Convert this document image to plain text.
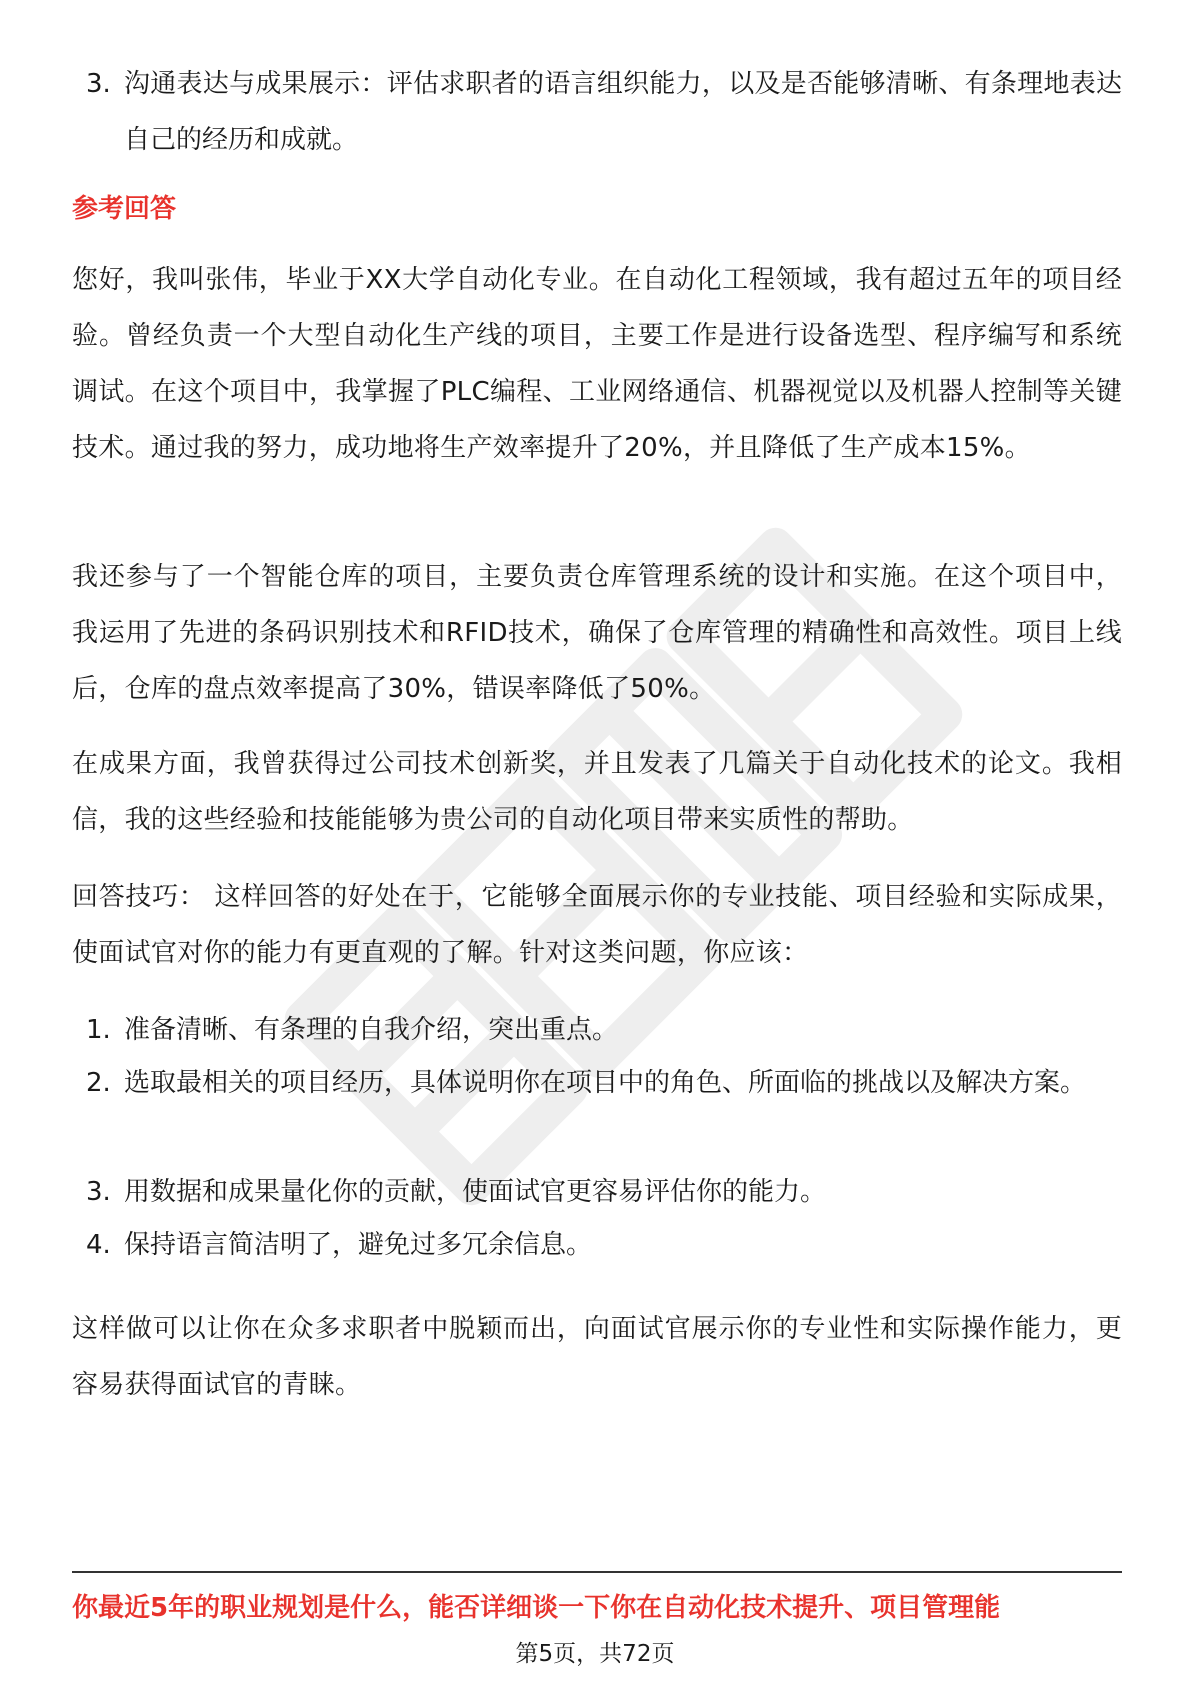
3. 沟通表达与成果展示：评估求职者的语言组织能力，以及是否能够清晰、有条理地表达自己的经历和成就。
参考回答
您好，我叫张伟，毕业于XX大学自动化专业。在自动化工程领域，我有超过五年的项目经验。曾经负责一个大型自动化生产线的项目，主要工作是进行设备选型、程序编写和系统调试。在这个项目中，我掌握了PLC编程、工业网络通信、机器视觉以及机器人控制等关键技术。通过我的努力，成功地将生产效率提升了20%，并且降低了生产成本15%。
我还参与了一个智能仓库的项目，主要负责仓库管理系统的设计和实施。在这个项目中，我运用了先进的条码识别技术和RFID技术，确保了仓库管理的精确性和高效性。项目上线后，仓库的盘点效率提高了30%，错误率降低了50%。
在成果方面，我曾获得过公司技术创新奖，并且发表了几篇关于自动化技术的论文。我相信，我的这些经验和技能能够为贵公司的自动化项目带来实质性的帮助。
回答技巧： 这样回答的好处在于，它能够全面展示你的专业技能、项目经验和实际成果，使面试官对你的能力有更直观的了解。针对这类问题，你应该：
1. 准备清晰、有条理的自我介绍，突出重点。
2. 选取最相关的项目经历，具体说明你在项目中的角色、所面临的挑战以及解决方案。
3. 用数据和成果量化你的贡献，使面试官更容易评估你的能力。
4. 保持语言简洁明了，避免过多冗余信息。
这样做可以让你在众多求职者中脱颖而出，向面试官展示你的专业性和实际操作能力，更容易获得面试官的青睐。
你最近5年的职业规划是什么，能否详细谈一下你在自动化技术提升、项目管理能
第5页，共72页
